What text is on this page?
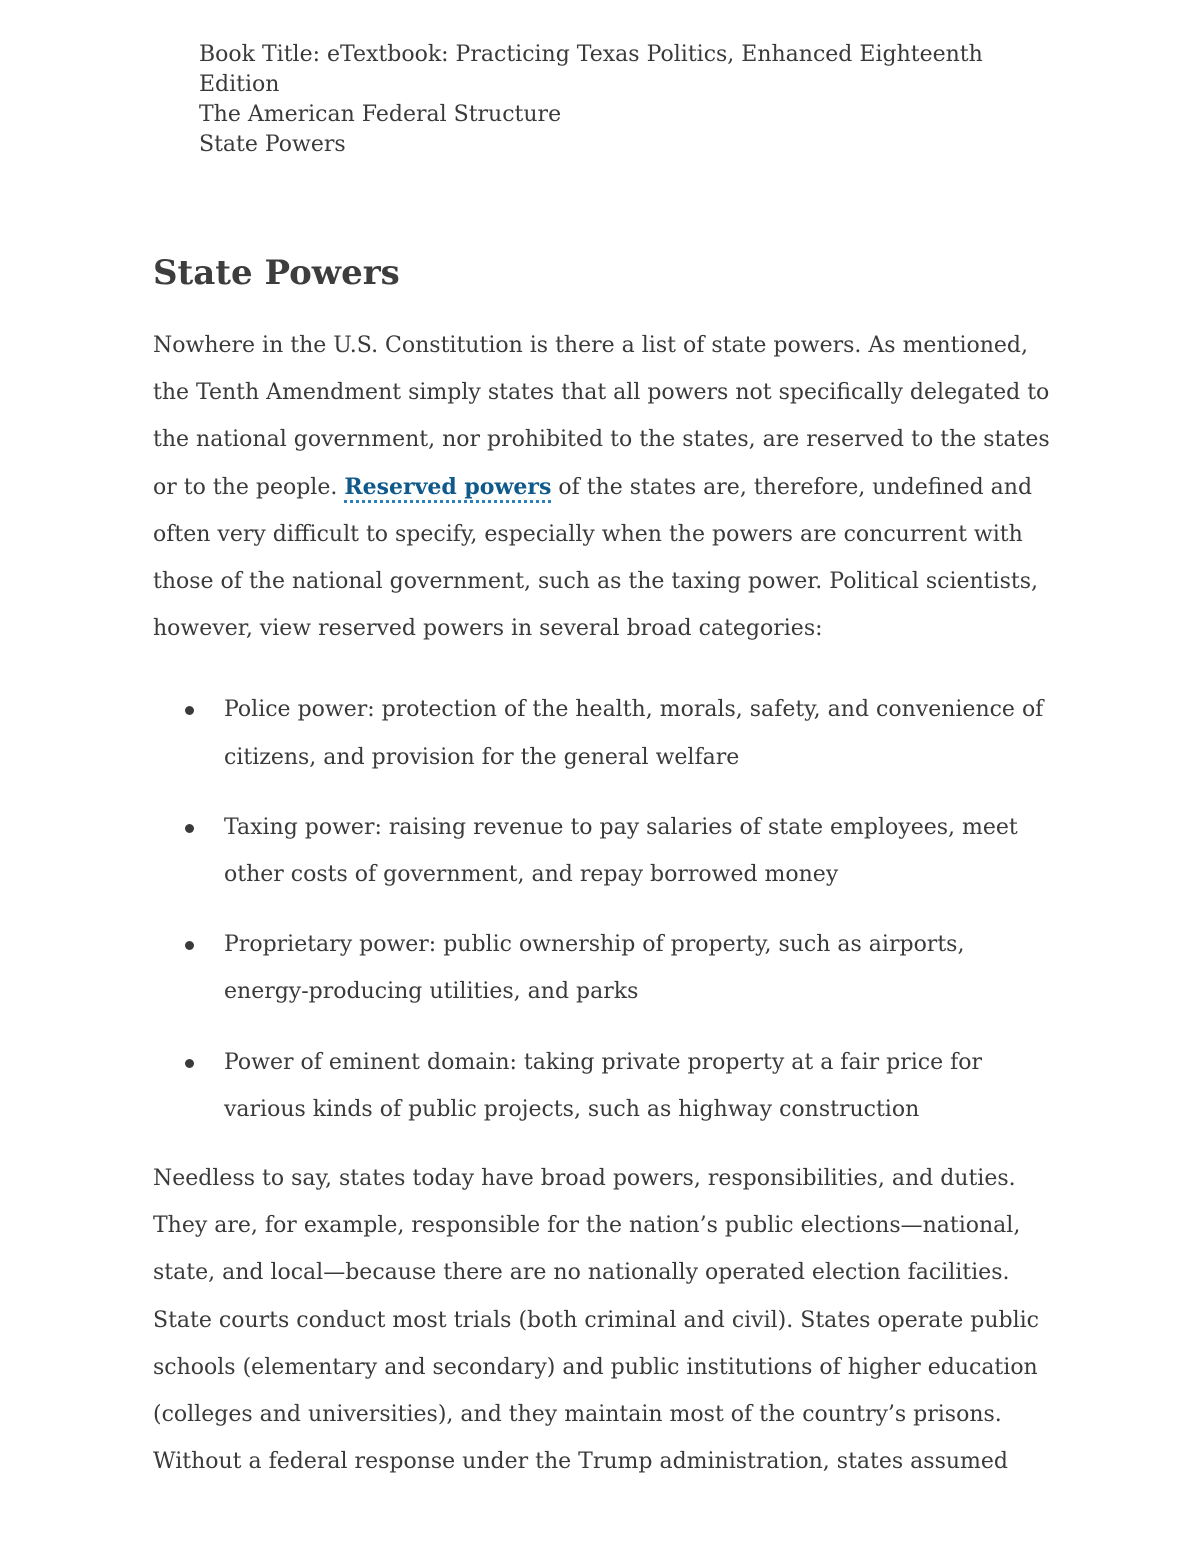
Book Title: eTextbook: Practicing Texas Politics, Enhanced Eighteenth Edition
The American Federal Structure
State Powers
State Powers

Nowhere in the U.S. Constitution is there a list of state powers. As mentioned, the Tenth Amendment simply states that all powers not specifically delegated to the national government, nor prohibited to the states, are reserved to the states or to the people. Reserved powers of the states are, therefore, undefined and often very difficult to specify, especially when the powers are concurrent with those of the national government, such as the taxing power. Political scientists, however, view reserved powers in several broad categories:

Police power: protection of the health, morals, safety, and convenience of citizens, and provision for the general welfare
Taxing power: raising revenue to pay salaries of state employees, meet other costs of government, and repay borrowed money
Proprietary power: public ownership of property, such as airports, energy-producing utilities, and parks
Power of eminent domain: taking private property at a fair price for various kinds of public projects, such as highway construction

Needless to say, states today have broad powers, responsibilities, and duties. They are, for example, responsible for the nation’s public elections—national, state, and local—because there are no nationally operated election facilities. State courts conduct most trials (both criminal and civil). States operate public schools (elementary and secondary) and public institutions of higher education (colleges and universities), and they maintain most of the country’s prisons. Without a federal response under the Trump administration, states assumed
